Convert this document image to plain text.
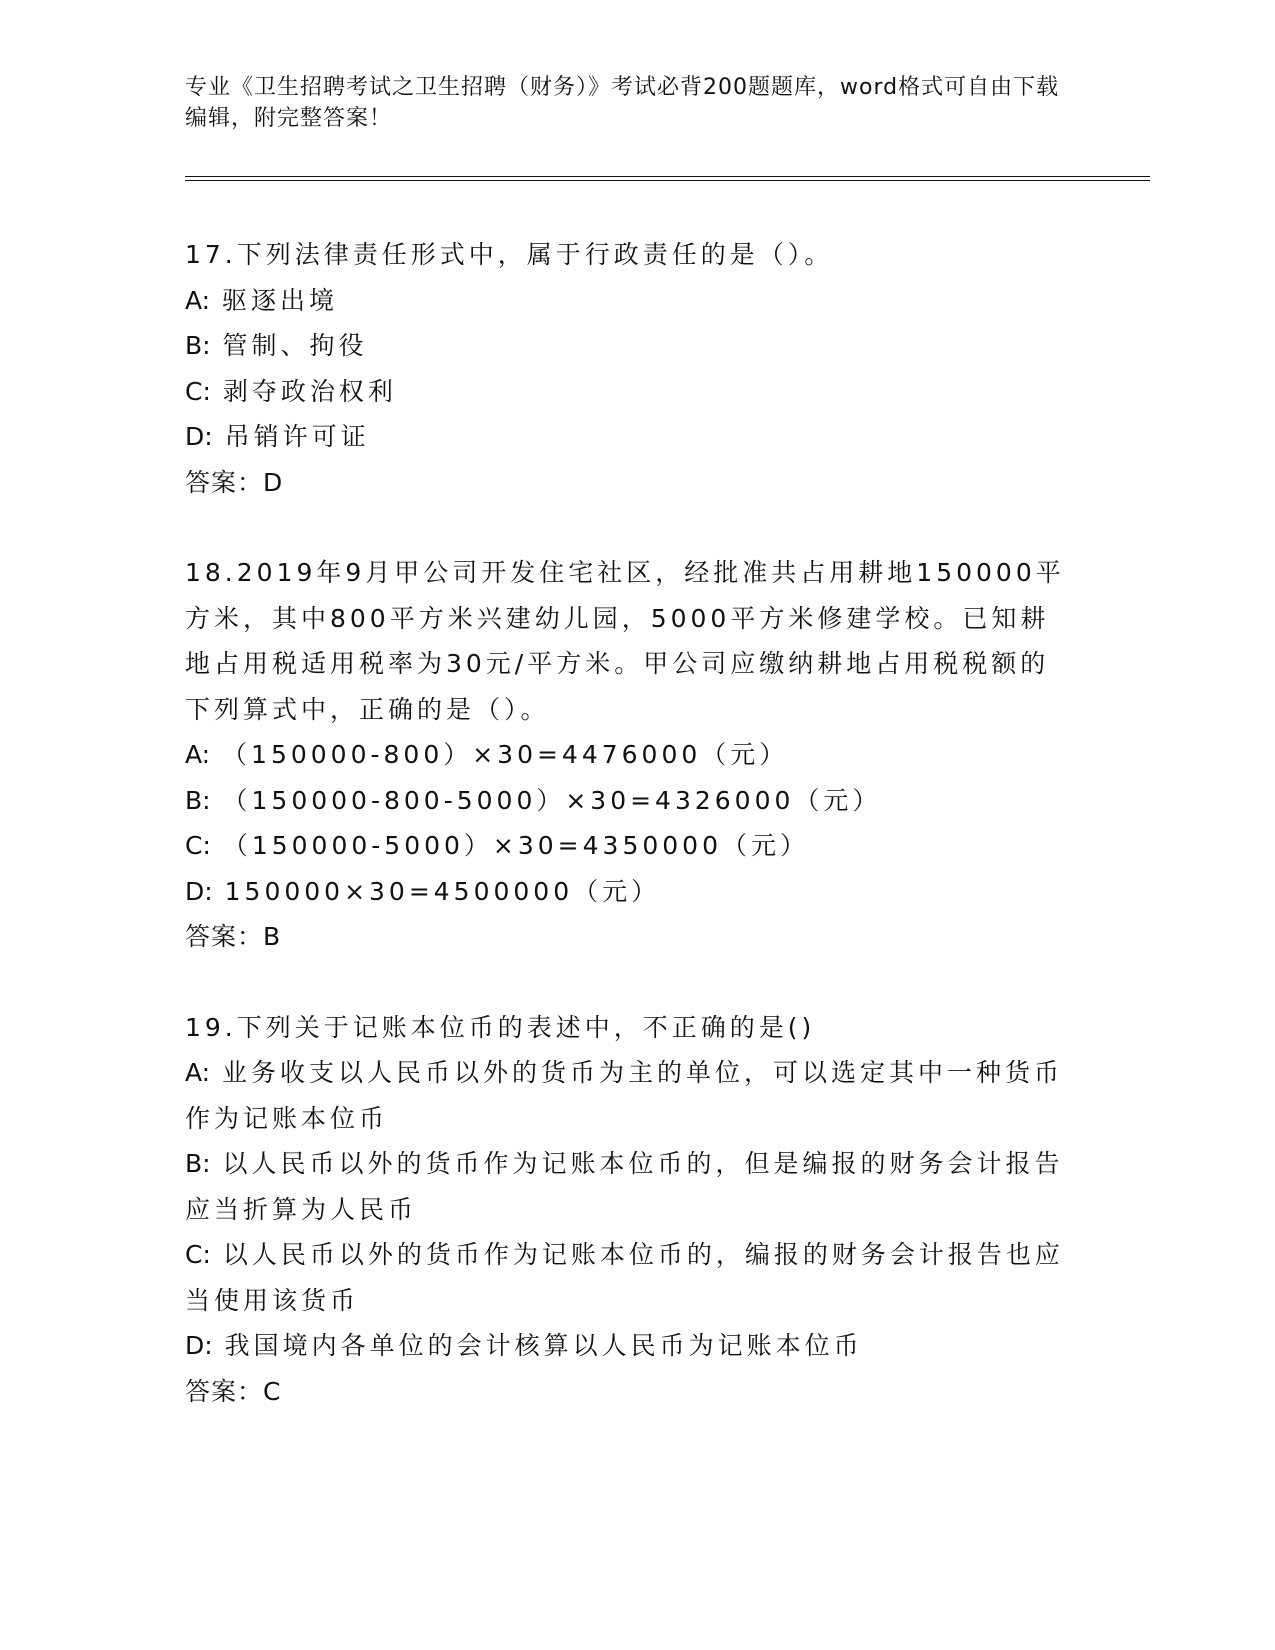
专业《卫生招聘考试之卫生招聘（财务）》考试必背200题题库，word格式可自由下载编辑，附完整答案！

17.下列法律责任形式中，属于行政责任的是（）。

A: 驱逐出境

B: 管制、拘役

C: 剥夺政治权利

D: 吊销许可证

答案：D

18.2019年9月甲公司开发住宅社区，经批准共占用耕地150000平方米，其中800平方米兴建幼儿园，5000平方米修建学校。已知耕地占用税适用税率为30元/平方米。甲公司应缴纳耕地占用税税额的下列算式中，正确的是（）。

A: （150000-800）×30=4476000（元）

B: （150000-800-5000）×30=4326000（元）

C: （150000-5000）×30=4350000（元）

D: 150000×30=4500000（元）

答案：B

19.下列关于记账本位币的表述中，不正确的是()

A: 业务收支以人民币以外的货币为主的单位，可以选定其中一种货币作为记账本位币

B: 以人民币以外的货币作为记账本位币的，但是编报的财务会计报告应当折算为人民币

C: 以人民币以外的货币作为记账本位币的，编报的财务会计报告也应当使用该货币

D: 我国境内各单位的会计核算以人民币为记账本位币

答案：C
